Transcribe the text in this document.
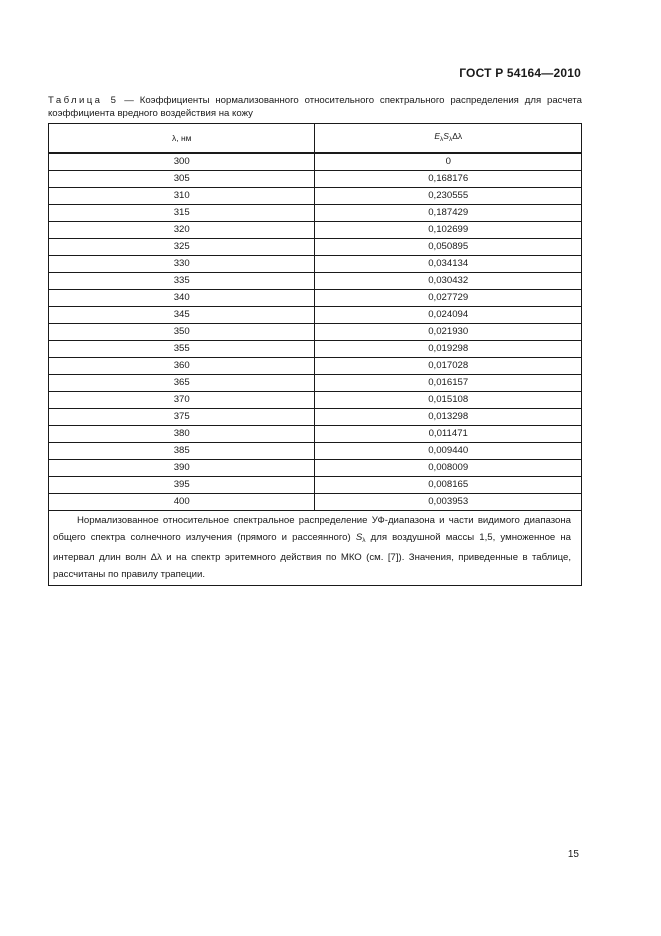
ГОСТ Р 54164—2010
Таблица 5 — Коэффициенты нормализованного относительного спектрального распределения для расчета коэффициента вредного воздействия на кожу
λ, нм	$E_\lambda S_\lambda\Delta\lambda$
300	0
305	0,168176
310	0,230555
315	0,187429
320	0,102699
325	0,050895
330	0,034134
335	0,030432
340	0,027729
345	0,024094
350	0,021930
355	0,019298
360	0,017028
365	0,016157
370	0,015108
375	0,013298
380	0,011471
385	0,009440
390	0,008009
395	0,008165
400	0,003953
Нормализованное относительное спектральное распределение УФ-диапазона и части видимого диапазона общего спектра солнечного излучения (прямого и рассеянного) $S_\lambda$ для воздушной массы 1,5, умноженное на интервал длин волн Δλ и на спектр эритемного действия по МКО (см. [7]). Значения, приведенные в таблице, рассчитаны по правилу трапеции.	
15
